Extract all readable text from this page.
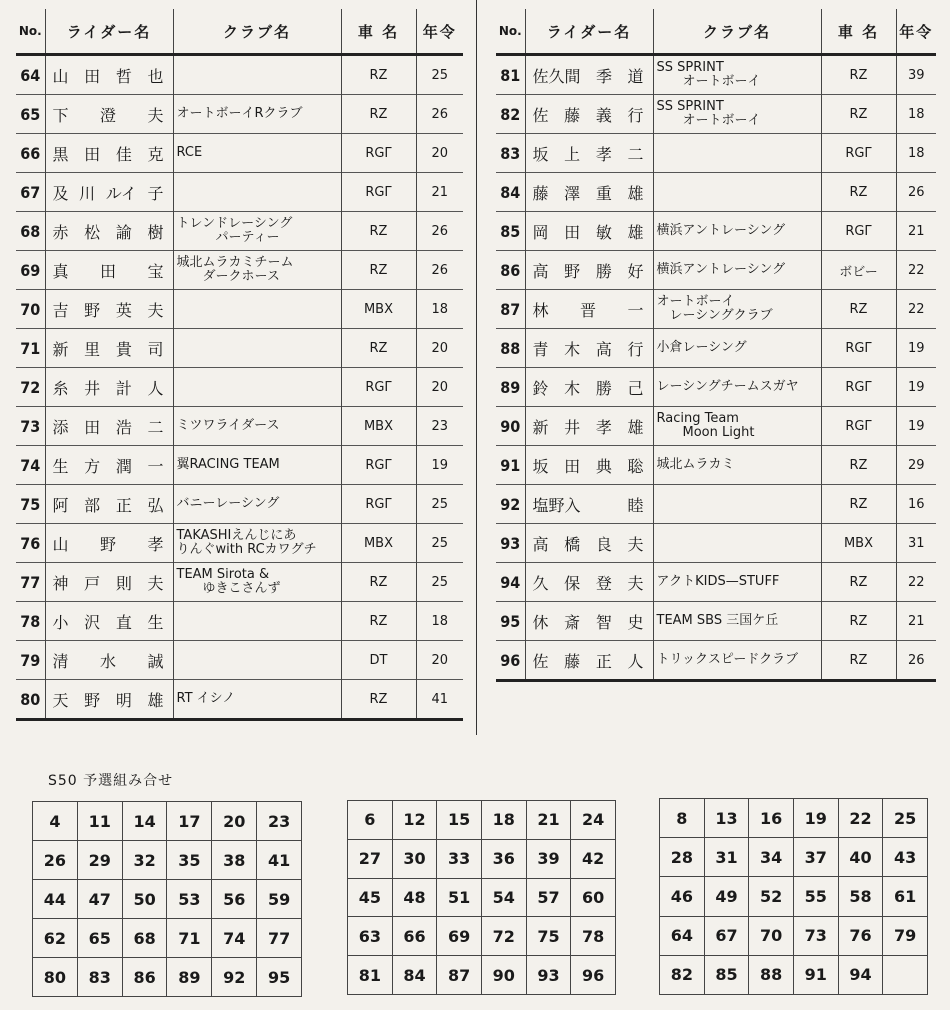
No.	ライダー名	クラブ名	車 名	年令
64	山 田 哲 也		RZ	25
65	下 澄 夫	オートボーイRクラブ	RZ	26
66	黒 田 佳 克	RCE	RGΓ	20
67	及 川 ルイ 子		RGΓ	21
68	赤 松 諭 樹	トレンドレーシング
　　　パーティー	RZ	26
69	真 田 宝	城北ムラカミチーム
　　ダークホース	RZ	26
70	吉 野 英 夫		MBX	18
71	新 里 貴 司		RZ	20
72	糸 井 計 人		RGΓ	20
73	添 田 浩 二	ミツワライダース	MBX	23
74	生 方 潤 一	翼RACING TEAM	RGΓ	19
75	阿 部 正 弘	バニーレーシング	RGΓ	25
76	山 野 孝	TAKASHIえんじにあ
りんぐwith RCカワグチ	MBX	25
77	神 戸 則 夫	TEAM Sirota &
　　ゆきこさんず	RZ	25
78	小 沢 直 生		RZ	18
79	清 水 誠		DT	20
80	天 野 明 雄	RT イシノ	RZ	41
No.	ライダー名	クラブ名	車 名	年令
81	佐久間 季 道	SS SPRINT
　　オートボーイ	RZ	39
82	佐 藤 義 行	SS SPRINT
　　オートボーイ	RZ	18
83	坂 上 孝 二		RGΓ	18
84	藤 澤 重 雄		RZ	26
85	岡 田 敏 雄	横浜アントレーシング	RGΓ	21
86	高 野 勝 好	横浜アントレーシング	ボビー	22
87	林 晋 一	オートボーイ
　レーシングクラブ	RZ	22
88	青 木 高 行	小倉レーシング	RGΓ	19
89	鈴 木 勝 己	レーシングチームスガヤ	RGΓ	19
90	新 井 孝 雄	Racing Team
　　Moon Light	RGΓ	19
91	坂 田 典 聡	城北ムラカミ	RZ	29
92	塩野入 睦		RZ	16
93	高 橋 良 夫		MBX	31
94	久 保 登 夫	アクトKIDS—STUFF	RZ	22
95	休 斎 智 史	TEAM SBS 三国ケ丘	RZ	21
96	佐 藤 正 人	トリックスピードクラブ	RZ	26
S50 予選組み合せ
4	11	14	17	20	23
26	29	32	35	38	41
44	47	50	53	56	59
62	65	68	71	74	77
80	83	86	89	92	95
6	12	15	18	21	24
27	30	33	36	39	42
45	48	51	54	57	60
63	66	69	72	75	78
81	84	87	90	93	96
8	13	16	19	22	25
28	31	34	37	40	43
46	49	52	55	58	61
64	67	70	73	76	79
82	85	88	91	94	
